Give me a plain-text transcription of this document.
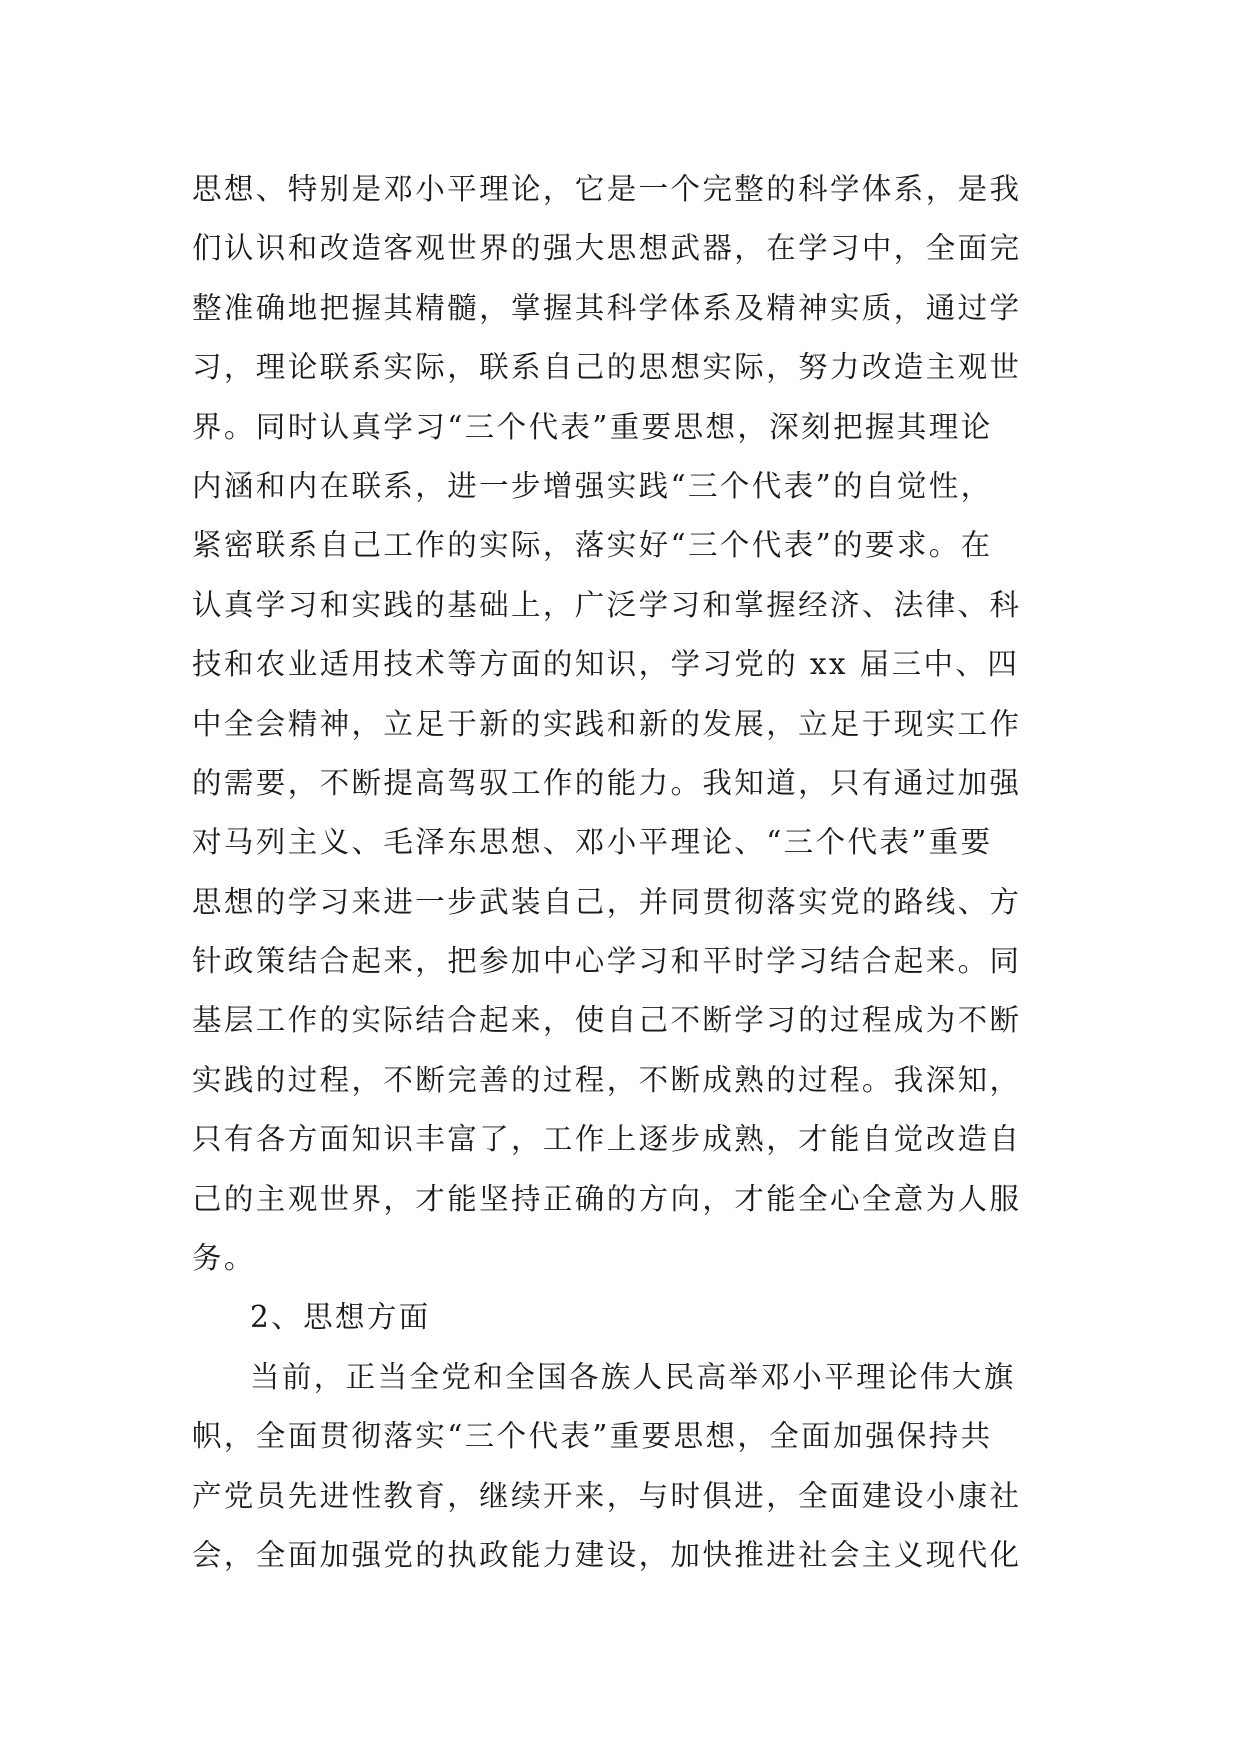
思想、特别是邓小平理论，它是一个完整的科学体系，是我
们认识和改造客观世界的强大思想武器，在学习中，全面完
整准确地把握其精髓，掌握其科学体系及精神实质，通过学
习，理论联系实际，联系自己的思想实际，努力改造主观世
界。同时认真学习“三个代表”重要思想，深刻把握其理论
内涵和内在联系，进一步增强实践“三个代表”的自觉性，
紧密联系自己工作的实际，落实好“三个代表”的要求。在
认真学习和实践的基础上，广泛学习和掌握经济、法律、科
技和农业适用技术等方面的知识，学习党的 xx 届三中、四
中全会精神，立足于新的实践和新的发展，立足于现实工作
的需要，不断提高驾驭工作的能力。我知道，只有通过加强
对马列主义、毛泽东思想、邓小平理论、“三个代表”重要
思想的学习来进一步武装自己，并同贯彻落实党的路线、方
针政策结合起来，把参加中心学习和平时学习结合起来。同
基层工作的实际结合起来，使自己不断学习的过程成为不断
实践的过程，不断完善的过程，不断成熟的过程。我深知，
只有各方面知识丰富了，工作上逐步成熟，才能自觉改造自
己的主观世界，才能坚持正确的方向，才能全心全意为人服
务。
2、思想方面
当前，正当全党和全国各族人民高举邓小平理论伟大旗
帜，全面贯彻落实“三个代表”重要思想，全面加强保持共
产党员先进性教育，继续开来，与时俱进，全面建设小康社
会，全面加强党的执政能力建设，加快推进社会主义现代化
